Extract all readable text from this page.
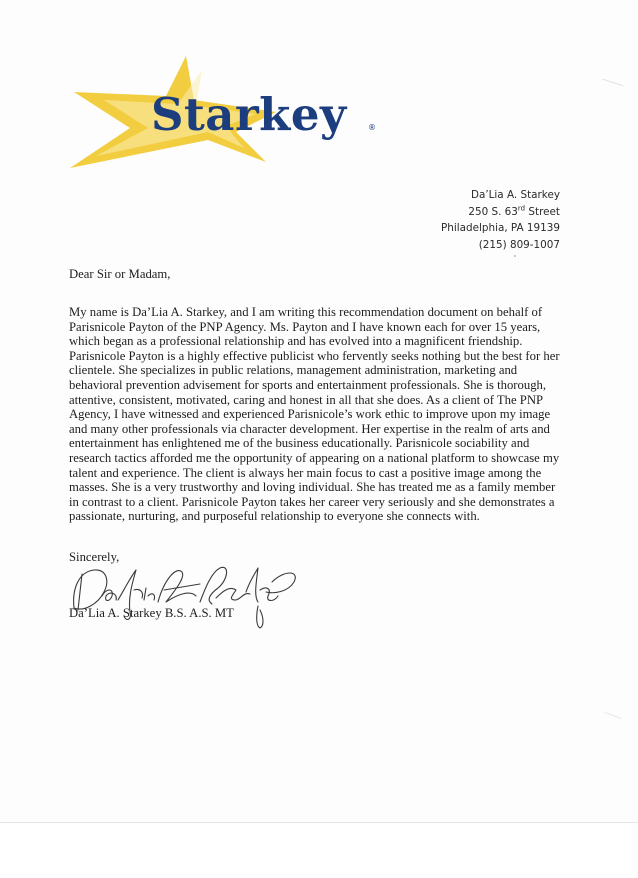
Starkey	®
Da’Lia A. Starkey
250 S. 63rd Street
Philadelphia, PA 19139
(215) 809-1007
Dear Sir or Madam,
My name is Da’Lia A. Starkey, and I am writing this recommendation document on behalf of
Parisnicole Payton of the PNP Agency. Ms. Payton and I have known each for over 15 years,
which began as a professional relationship and has evolved into a magnificent friendship.
Parisnicole Payton is a highly effective publicist who fervently seeks nothing but the best for her
clientele. She specializes in public relations, management administration, marketing and
behavioral prevention advisement for sports and entertainment professionals. She is thorough,
attentive, consistent, motivated, caring and honest in all that she does. As a client of The PNP
Agency, I have witnessed and experienced Parisnicole’s work ethic to improve upon my image
and many other professionals via character development. Her expertise in the realm of arts and
entertainment has enlightened me of the business educationally. Parisnicole sociability and
research tactics afforded me the opportunity of appearing on a national platform to showcase my
talent and experience. The client is always her main focus to cast a positive image among the
masses. She is a very trustworthy and loving individual. She has treated me as a family member
in contrast to a client. Parisnicole Payton takes her career very seriously and she demonstrates a
passionate, nurturing, and purposeful relationship to everyone she connects with.
Sincerely,
Da’Lia A. Starkey B.S. A.S. MT
